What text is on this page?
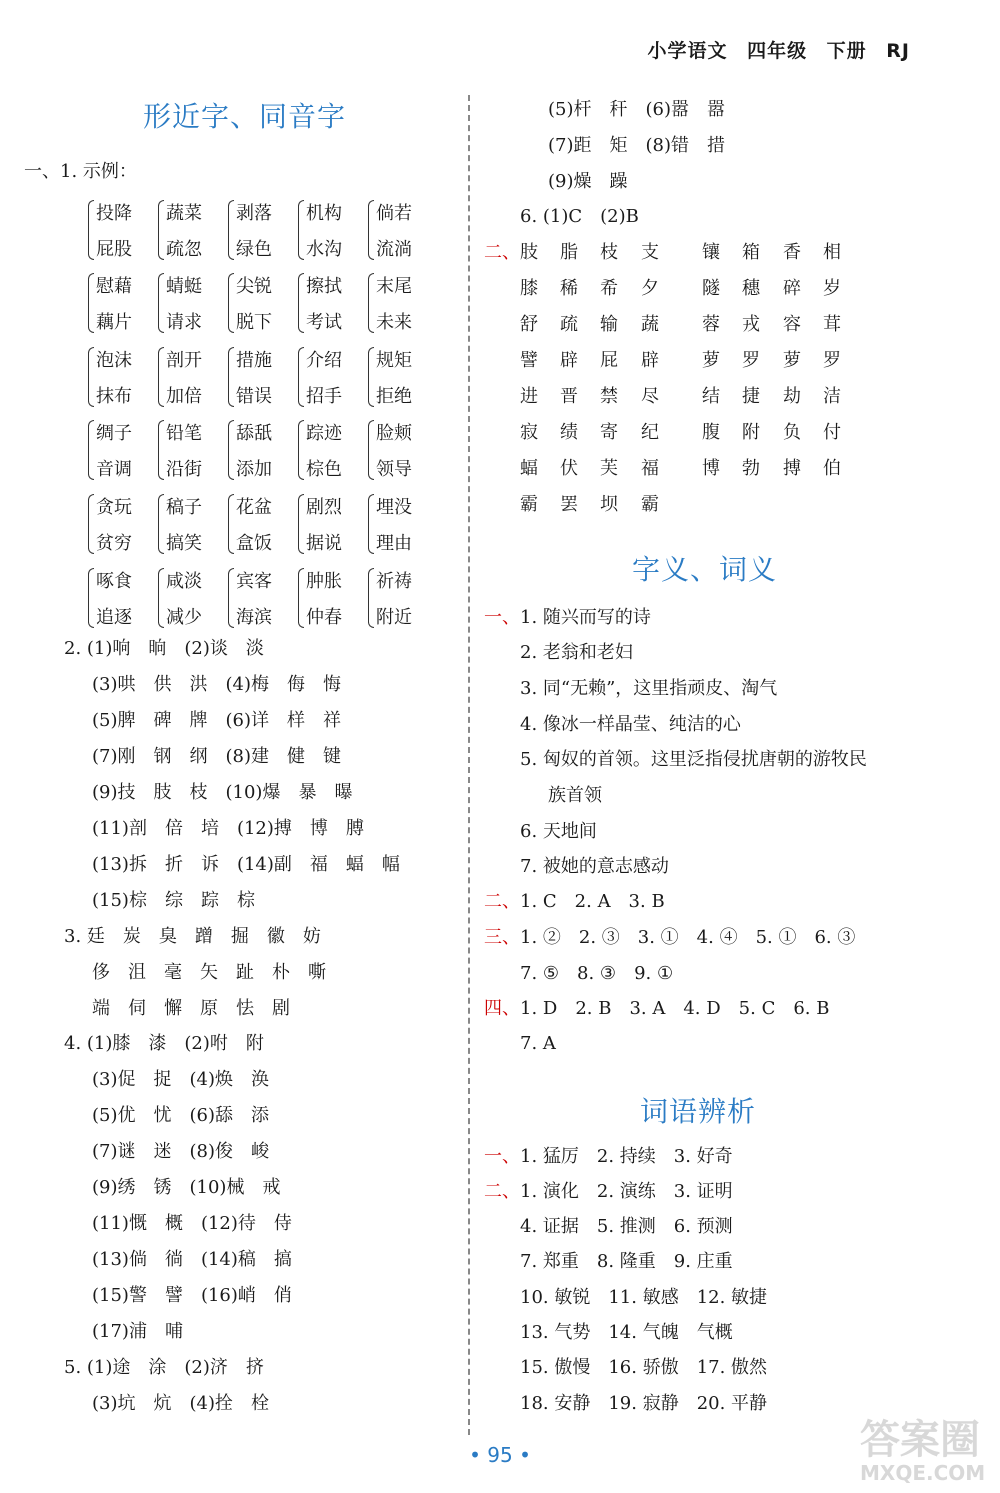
小学语文 四年级 下册 RJ
形近字、同音字
一、1. 示例：
投降
屁股
蔬菜
疏忽
剥落
绿色
机构
水沟
倘若
流淌
慰藉
藕片
蜻蜓
请求
尖锐
脱下
擦拭
考试
末尾
未来
泡沫
抹布
剖开
加倍
措施
错误
介绍
招手
规矩
拒绝
绸子
音调
铅笔
沿街
舔舐
添加
踪迹
棕色
脸颊
领导
贪玩
贫穷
稿子
搞笑
花盆
盒饭
剧烈
据说
埋没
理由
啄食
追逐
咸淡
减少
宾客
海滨
肿胀
仲春
祈祷
附近
2. (1)响　晌　(2)谈　淡
(3)哄　供　洪　(4)梅　侮　悔
(5)脾　碑　牌　(6)详　样　祥
(7)刚　钢　纲　(8)建　健　键
(9)技　肢　枝　(10)爆　暴　曝
(11)剖　倍　培　(12)搏　博　膊
(13)拆　折　诉　(14)副　福　蝠　幅
(15)棕　综　踪　棕
3. 廷　炭　臭　蹭　掘　徽　妨
侈　沮　毫　矢　趾　朴　嘶
端　伺　懈　原　怯　剧
4. (1)膝　漆　(2)咐　附
(3)促　捉　(4)焕　涣
(5)优　忧　(6)舔　添
(7)谜　迷　(8)俊　峻
(9)绣　锈　(10)械　戒
(11)慨　概　(12)待　侍
(13)倘　徜　(14)稿　搞
(15)警　譬　(16)峭　俏
(17)浦　哺
5. (1)途　涂　(2)济　挤
(3)坑　炕　(4)拴　栓
(5)杆　秆　(6)嚣　嚣
(7)距　矩　(8)错　措
(9)燥　躁
6. (1)C　(2)B
二、 肢 脂 枝 支 镶 箱 香 相
膝 稀 希 夕 隧 穗 碎 岁
舒 疏 输 蔬 蓉 戎 容 茸
譬 辟 屁 辟 萝 罗 萝 罗
进 晋 禁 尽 结 捷 劫 洁
寂 绩 寄 纪 腹 附 负 付
蝠 伏 芙 福 博 勃 搏 伯
霸 罢 坝 霸
字义、词义
一、1. 随兴而写的诗
2. 老翁和老妇
3. 同“无赖”，这里指顽皮、淘气
4. 像冰一样晶莹、纯洁的心
5. 匈奴的首领。这里泛指侵扰唐朝的游牧民
族首领
6. 天地间
7. 被她的意志感动
二、1. C　2. A　3. B
三、1. ②　2. ③　3. ①　4. ④　5. ①　6. ③
7. ⑤　8. ③　9. ①
四、1. D　2. B　3. A　4. D　5. C　6. B
7. A
词语辨析
一、1. 猛厉　2. 持续　3. 好奇
二、1. 演化　2. 演练　3. 证明
4. 证据　5. 推测　6. 预测
7. 郑重　8. 隆重　9. 庄重
10. 敏锐　11. 敏感　12. 敏捷
13. 气势　14. 气魄　气概
15. 傲慢　16. 骄傲　17. 傲然
18. 安静　19. 寂静　20. 平静
• 95 •	答案圈
MXQE.COM
